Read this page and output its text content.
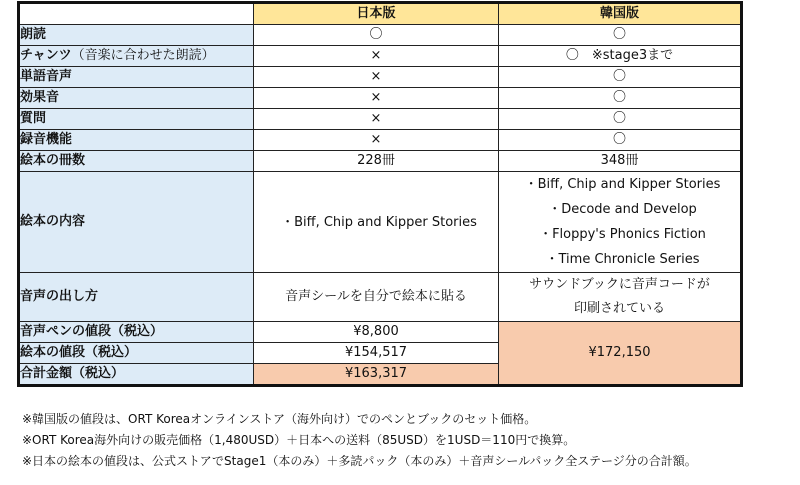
	日本版	韓国版
朗読	〇	〇
チャンツ（音楽に合わせた朗読）	×	〇　※stage3まで
単語音声	×	〇
効果音	×	〇
質問	×	〇
録音機能	×	〇
絵本の冊数	228冊	348冊
絵本の内容	・Biff, Chip and Kipper Stories	・Biff, Chip and Kipper Stories
・Decode and Develop
・Floppy's Phonics Fiction
・Time Chronicle Series

音声の出し方	音声シールを自分で絵本に貼る	サウンドブックに音声コードが
印刷されている

音声ペンの値段（税込）	¥8,800	¥172,150
絵本の値段（税込）	¥154,517	
合計金額（税込）	¥163,317	
※韓国版の値段は、ORT Koreaオンラインストア（海外向け）でのペンとブックのセット価格。
※ORT Korea海外向けの販売価格（1,480USD）＋日本への送料（85USD）を1USD＝110円で換算。
※日本の絵本の値段は、公式ストアでStage1（本のみ）＋多読パック（本のみ）＋音声シールパック全ステージ分の合計額。
